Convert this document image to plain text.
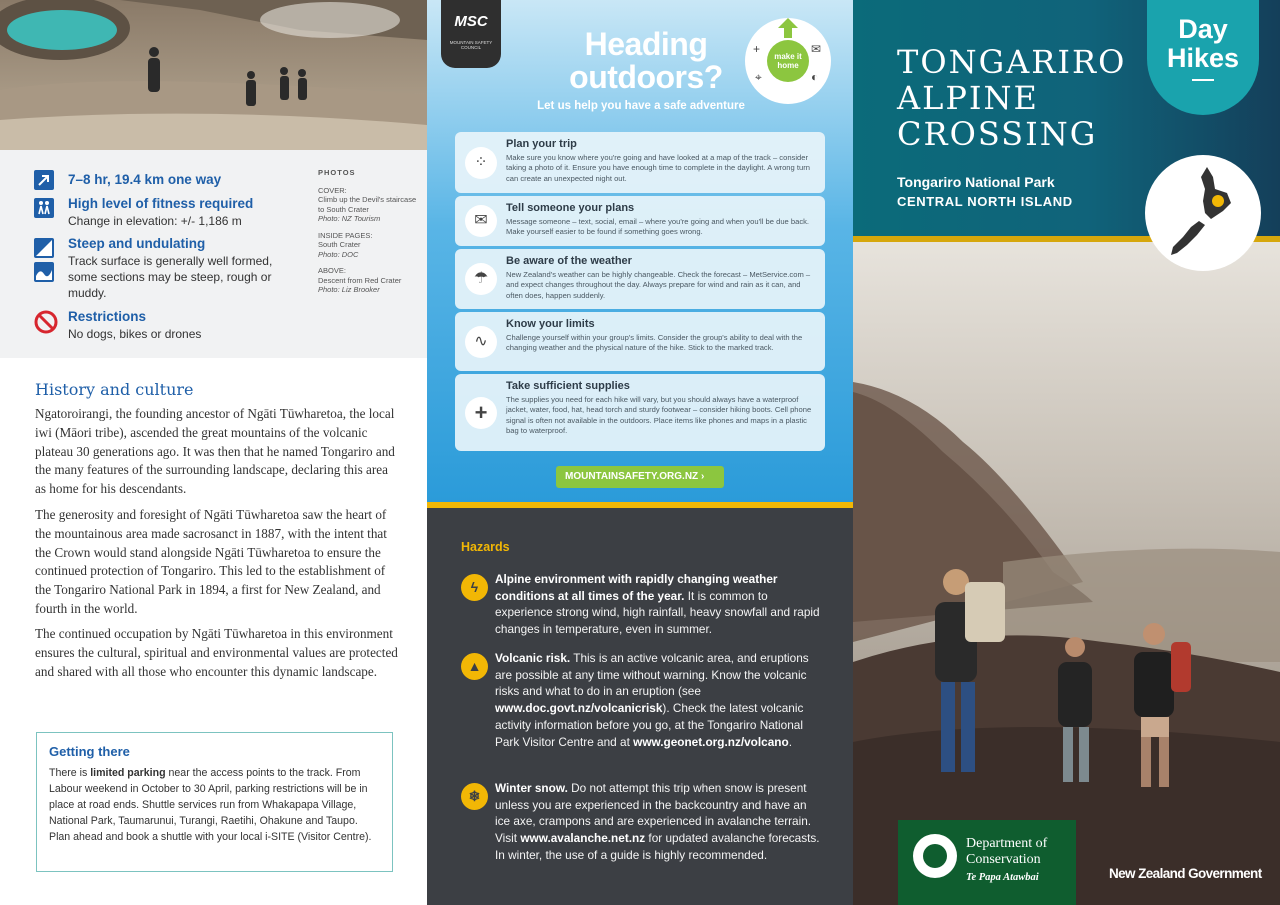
7–8 hr, 19.4 km one way
High level of fitness required
Change in elevation: +/- 1,186 m
Steep and undulating
Track surface is generally well formed, some sections may be steep, rough or muddy.
Restrictions
No dogs, bikes or drones
PHOTOS
COVER:
Climb up the Devil's staircase to South Crater
Photo: NZ Tourism
INSIDE PAGES:
South Crater
Photo: DOC
ABOVE:
Descent from Red Crater
Photo: Liz Brooker
History and culture
Ngatoroirangi, the founding ancestor of Ngāti Tūwharetoa, the local iwi (Māori tribe), ascended the great mountains of the volcanic plateau 30 generations ago. It was then that he named Tongariro and the many features of the surrounding landscape, declaring this area as home for his descendants.
The generosity and foresight of Ngāti Tūwharetoa saw the heart of the mountainous area made sacrosanct in 1887, with the intent that the Crown would stand alongside Ngāti Tūwharetoa to ensure the continued protection of Tongariro. This led to the establishment of the Tongariro National Park in 1894, a first for New Zealand, and fourth in the world.
The continued occupation by Ngāti Tūwharetoa in this environment ensures the cultural, spiritual and environmental values are protected and shared with all those who encounter this dynamic landscape.
Getting there
There is limited parking near the access points to the track. From Labour weekend in October to 30 April, parking restrictions will be in place at road ends. Shuttle services run from Whakapapa Village, National Park, Taumarunui, Turangi, Raetihi, Ohakune and Taupo. Plan ahead and book a shuttle with your local i-SITE (Visitor Centre).
MSC
MOUNTAIN SAFETY COUNCIL	Heading
outdoors?
Let us help you have a safe adventure
+	✉
◐
⌖
make it home
⁘
Plan your trip
Make sure you know where you're going and have looked at a map of the track – consider taking a photo of it. Ensure you have enough time to complete in the daylight. A wrong turn can create an unexpected night out.
✉
Tell someone your plans
Message someone – text, social, email – where you're going and when you'll be due back. Make yourself easier to be found if something goes wrong.
☂
Be aware of the weather
New Zealand's weather can be highly changeable. Check the forecast – MetService.com – and expect changes throughout the day. Always prepare for wind and rain as it can, and often does, happen suddenly.
∿
Know your limits
Challenge yourself within your group's limits. Consider the group's ability to deal with the changing weather and the physical nature of the hike. Stick to the marked track.
+
Take sufficient supplies
The supplies you need for each hike will vary, but you should always have a waterproof jacket, water, food, hat, head torch and sturdy footwear – consider hiking boots. Cell phone signal is often not available in the outdoors. Place items like phones and maps in a plastic bag to waterproof.
MOUNTAINSAFETY.ORG.NZ ›
Hazards
ϟ	Alpine environment with rapidly changing weather conditions at all times of the year. It is common to experience strong wind, high rainfall, heavy snowfall and rapid changes in temperature, even in summer.
▲	Volcanic risk. This is an active volcanic area, and eruptions are possible at any time without warning. Know the volcanic risks and what to do in an eruption (see www.doc.govt.nz/volcanicrisk). Check the latest volcanic activity information before you go, at the Tongariro National Park Visitor Centre and at www.geonet.org.nz/volcano.
❄	Winter snow. Do not attempt this trip when snow is present unless you are experienced in the backcountry and have an ice axe, crampons and are experienced in avalanche terrain. Visit www.avalanche.net.nz for updated avalanche forecasts. In winter, the use of a guide is highly recommended.
TONGARIRO
ALPINE
CROSSING
Tongariro National Park
CENTRAL NORTH ISLAND
Day
Hikes
Department of Conservation
Te Papa Atawbai	New Zealand Government
